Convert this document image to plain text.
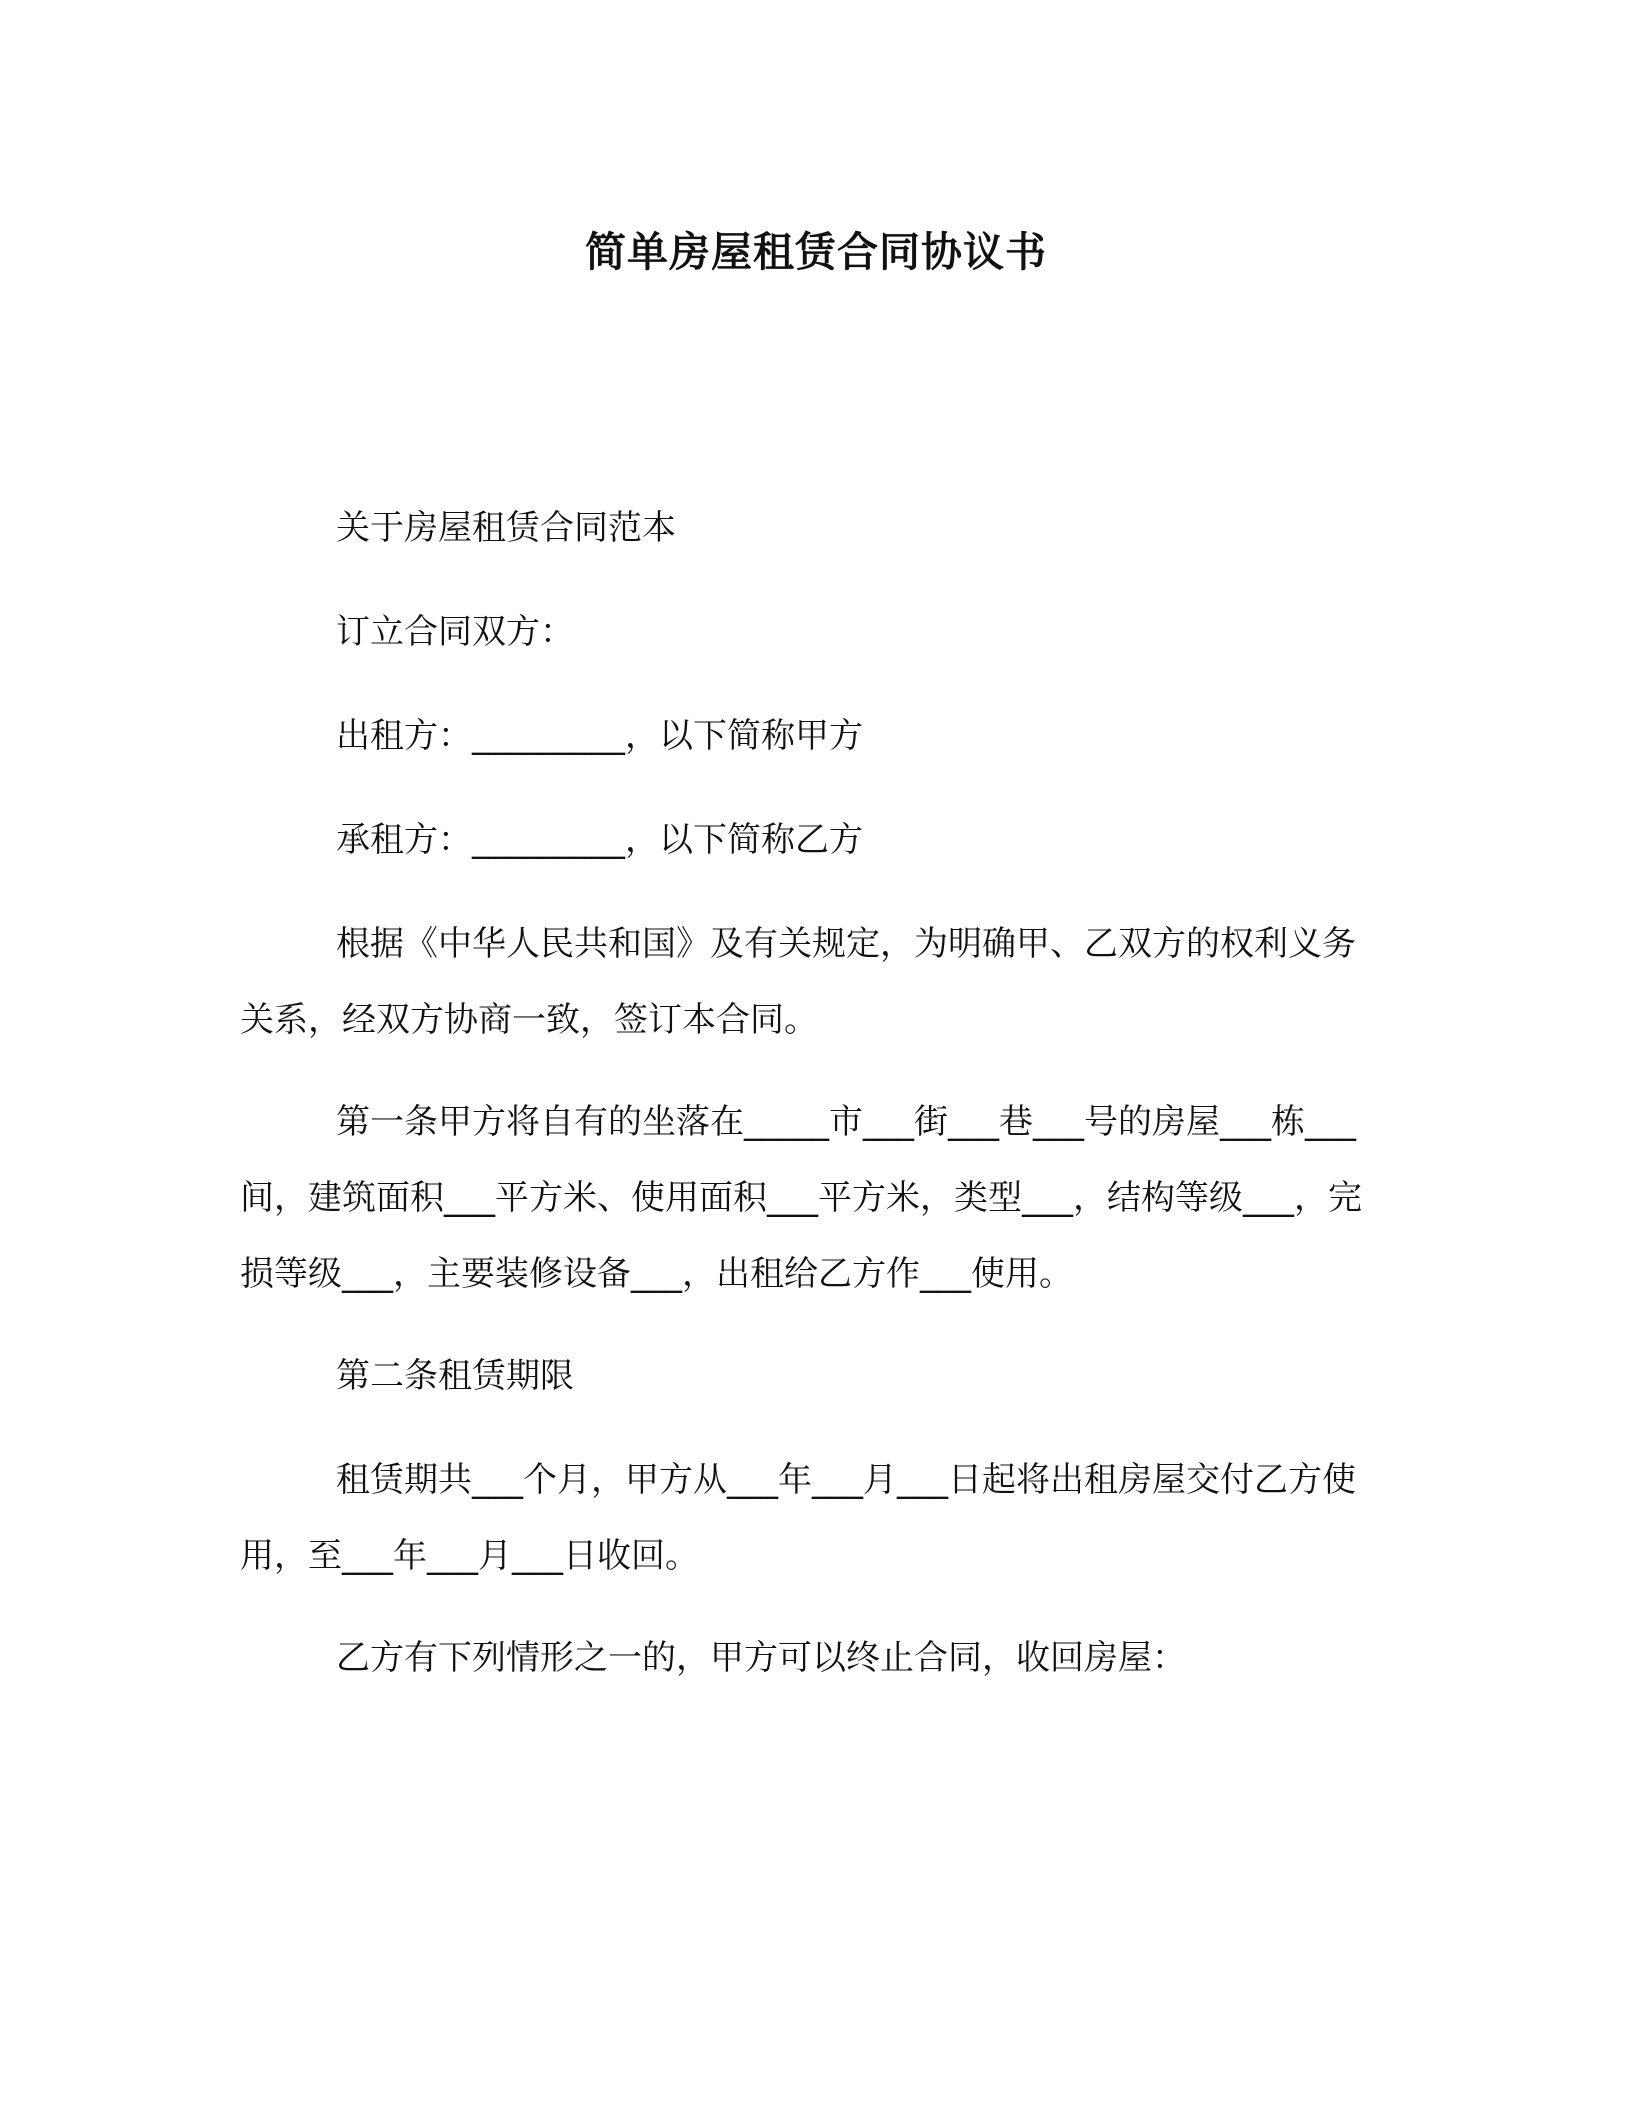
简单房屋租赁合同协议书

关于房屋租赁合同范本

订立合同双方：

出租方：_________，以下简称甲方

承租方：_________，以下简称乙方

根据《中华人民共和国》及有关规定，为明确甲、乙双方的权利义务关系，经双方协商一致，签订本合同。

第一条甲方将自有的坐落在_____市___街___巷___号的房屋___栋___间，建筑面积___平方米、使用面积___平方米，类型___，结构等级___，完损等级___，主要装修设备___，出租给乙方作___使用。

第二条租赁期限

租赁期共___个月，甲方从___年___月___日起将出租房屋交付乙方使用，至___年___月___日收回。

乙方有下列情形之一的，甲方可以终止合同，收回房屋：
